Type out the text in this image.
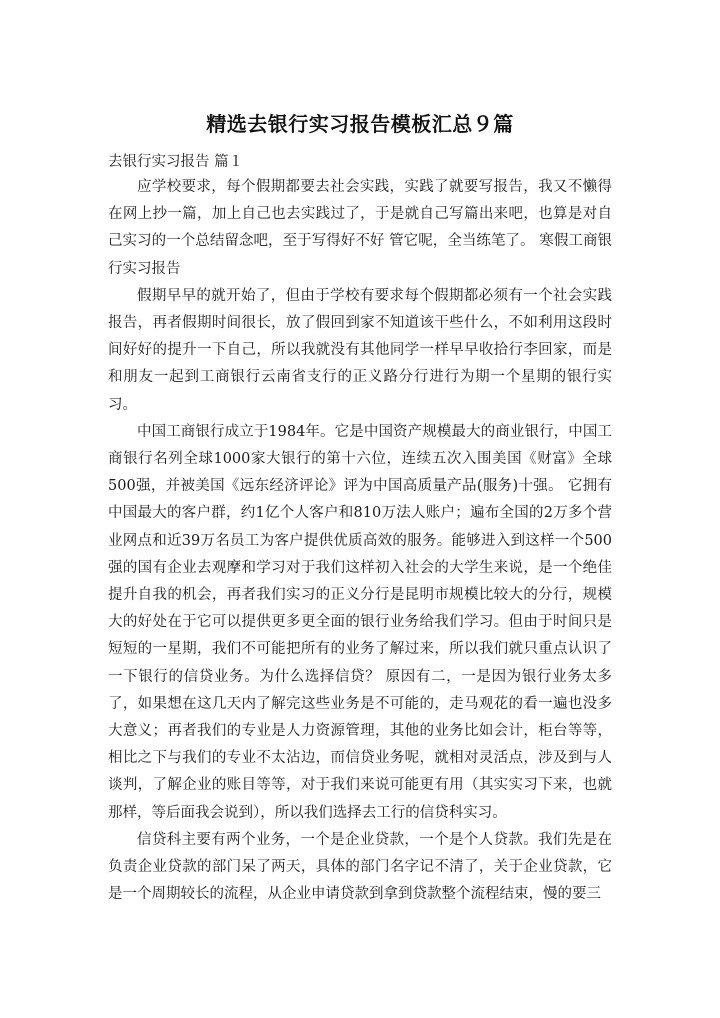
精选去银行实习报告模板汇总９篇
去银行实习报告 篇１

应学校要求，每个假期都要去社会实践，实践了就要写报告，我又不懒得在网上抄一篇，加上自己也去实践过了，于是就自己写篇出来吧，也算是对自己实习的一个总结留念吧，至于写得好不好 管它呢，全当练笔了。 寒假工商银行实习报告

假期早早的就开始了，但由于学校有要求每个假期都必须有一个社会实践报告，再者假期时间很长，放了假回到家不知道该干些什么，不如利用这段时间好好的提升一下自己，所以我就没有其他同学一样早早收拾行李回家，而是和朋友一起到工商银行云南省支行的正义路分行进行为期一个星期的银行实习。

中国工商银行成立于1984年。它是中国资产规模最大的商业银行，中国工商银行名列全球1000家大银行的第十六位，连续五次入围美国《财富》全球500强，并被美国《远东经济评论》评为中国高质量产品(服务)十强。 它拥有中国最大的客户群，约1亿个人客户和810万法人账户；遍布全国的2万多个营业网点和近39万名员工为客户提供优质高效的服务。能够进入到这样一个500强的国有企业去观摩和学习对于我们这样初入社会的大学生来说，是一个绝佳提升自我的机会，再者我们实习的正义分行是昆明市规模比较大的分行，规模大的好处在于它可以提供更多更全面的银行业务给我们学习。但由于时间只是短短的一星期，我们不可能把所有的业务了解过来，所以我们就只重点认识了一下银行的信贷业务。为什么选择信贷？ 原因有二，一是因为银行业务太多了，如果想在这几天内了解完这些业务是不可能的，走马观花的看一遍也没多大意义；再者我们的专业是人力资源管理，其他的业务比如会计，柜台等等，相比之下与我们的专业不太沾边，而信贷业务呢，就相对灵活点，涉及到与人谈判，了解企业的账目等等，对于我们来说可能更有用（其实实习下来，也就那样，等后面我会说到），所以我们选择去工行的信贷科实习。

信贷科主要有两个业务，一个是企业贷款，一个是个人贷款。我们先是在负责企业贷款的部门呆了两天，具体的部门名字记不清了，关于企业贷款，它是一个周期较长的流程，从企业申请贷款到拿到贷款整个流程结束，慢的要三
